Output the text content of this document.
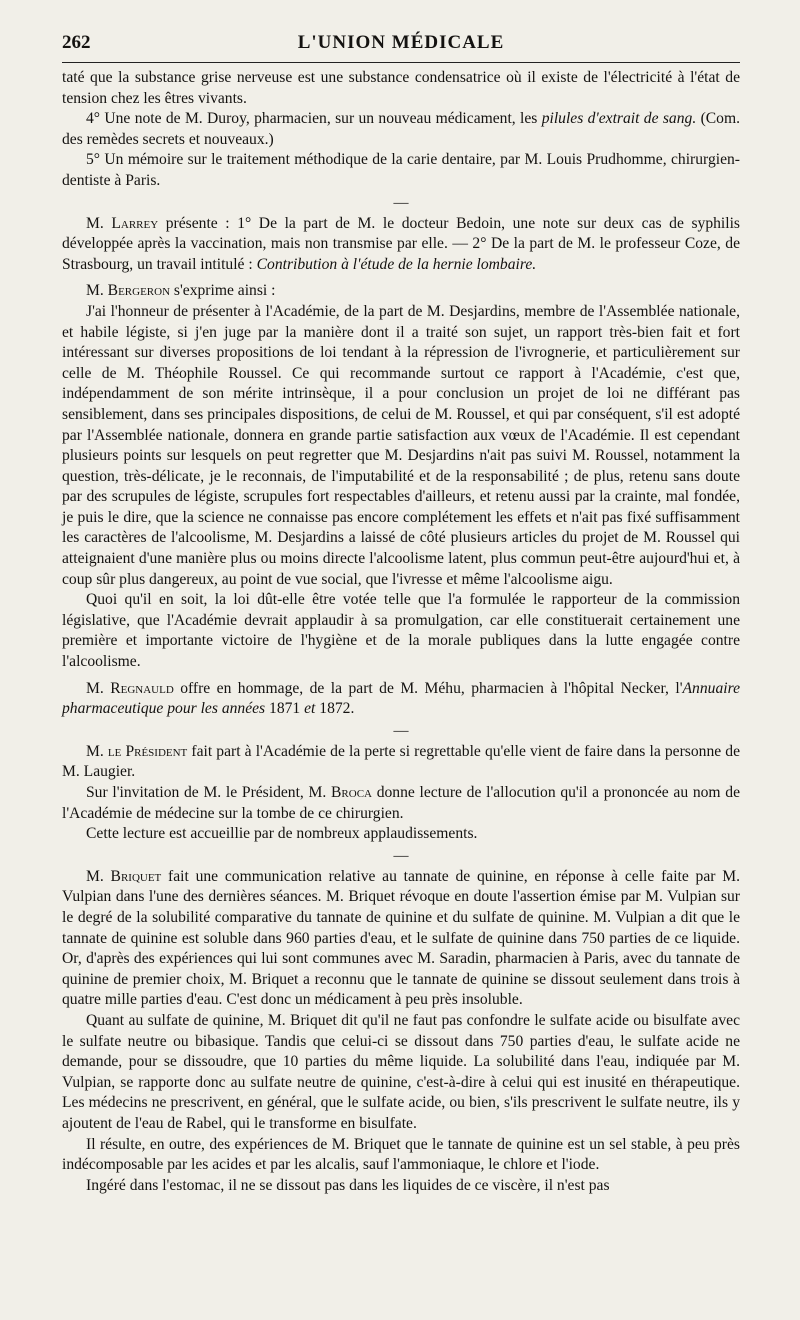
262	L'UNION MÉDICALE

taté que la substance grise nerveuse est une substance condensatrice où il existe de l'électricité à l'état de tension chez les êtres vivants.

4° Une note de M. Duroy, pharmacien, sur un nouveau médicament, les pilules d'extrait de sang. (Com. des remèdes secrets et nouveaux.)

5° Un mémoire sur le traitement méthodique de la carie dentaire, par M. Louis Prudhomme, chirurgien-dentiste à Paris.

—

M. Larrey présente : 1° De la part de M. le docteur Bedoin, une note sur deux cas de syphilis développée après la vaccination, mais non transmise par elle. — 2° De la part de M. le professeur Coze, de Strasbourg, un travail intitulé : Contribution à l'étude de la hernie lombaire.

M. Bergeron s'exprime ainsi :

J'ai l'honneur de présenter à l'Académie, de la part de M. Desjardins, membre de l'Assemblée nationale, et habile légiste, si j'en juge par la manière dont il a traité son sujet, un rapport très-bien fait et fort intéressant sur diverses propositions de loi tendant à la répression de l'ivrognerie, et particulièrement sur celle de M. Théophile Roussel. Ce qui recommande surtout ce rapport à l'Académie, c'est que, indépendamment de son mérite intrinsèque, il a pour conclusion un projet de loi ne différant pas sensiblement, dans ses principales dispositions, de celui de M. Roussel, et qui par conséquent, s'il est adopté par l'Assemblée nationale, donnera en grande partie satisfaction aux vœux de l'Académie. Il est cependant plusieurs points sur lesquels on peut regretter que M. Desjardins n'ait pas suivi M. Roussel, notamment la question, très-délicate, je le reconnais, de l'imputabilité et de la responsabilité ; de plus, retenu sans doute par des scrupules de légiste, scrupules fort respectables d'ailleurs, et retenu aussi par la crainte, mal fondée, je puis le dire, que la science ne connaisse pas encore complétement les effets et n'ait pas fixé suffisamment les caractères de l'alcoolisme, M. Desjardins a laissé de côté plusieurs articles du projet de M. Roussel qui atteignaient d'une manière plus ou moins directe l'alcoolisme latent, plus commun peut-être aujourd'hui et, à coup sûr plus dangereux, au point de vue social, que l'ivresse et même l'alcoolisme aigu.

Quoi qu'il en soit, la loi dût-elle être votée telle que l'a formulée le rapporteur de la commission législative, que l'Académie devrait applaudir à sa promulgation, car elle constituerait certainement une première et importante victoire de l'hygiène et de la morale publiques dans la lutte engagée contre l'alcoolisme.

M. Regnauld offre en hommage, de la part de M. Méhu, pharmacien à l'hôpital Necker, l'Annuaire pharmaceutique pour les années 1871 et 1872.

—

M. le Président fait part à l'Académie de la perte si regrettable qu'elle vient de faire dans la personne de M. Laugier.

Sur l'invitation de M. le Président, M. Broca donne lecture de l'allocution qu'il a prononcée au nom de l'Académie de médecine sur la tombe de ce chirurgien.

Cette lecture est accueillie par de nombreux applaudissements.

—

M. Briquet fait une communication relative au tannate de quinine, en réponse à celle faite par M. Vulpian dans l'une des dernières séances. M. Briquet révoque en doute l'assertion émise par M. Vulpian sur le degré de la solubilité comparative du tannate de quinine et du sulfate de quinine. M. Vulpian a dit que le tannate de quinine est soluble dans 960 parties d'eau, et le sulfate de quinine dans 750 parties de ce liquide. Or, d'après des expériences qui lui sont communes avec M. Saradin, pharmacien à Paris, avec du tannate de quinine de premier choix, M. Briquet a reconnu que le tannate de quinine se dissout seulement dans trois à quatre mille parties d'eau. C'est donc un médicament à peu près insoluble.

Quant au sulfate de quinine, M. Briquet dit qu'il ne faut pas confondre le sulfate acide ou bisulfate avec le sulfate neutre ou bibasique. Tandis que celui-ci se dissout dans 750 parties d'eau, le sulfate acide ne demande, pour se dissoudre, que 10 parties du même liquide. La solubilité dans l'eau, indiquée par M. Vulpian, se rapporte donc au sulfate neutre de quinine, c'est-à-dire à celui qui est inusité en thérapeutique. Les médecins ne prescrivent, en général, que le sulfate acide, ou bien, s'ils prescrivent le sulfate neutre, ils y ajoutent de l'eau de Rabel, qui le transforme en bisulfate.

Il résulte, en outre, des expériences de M. Briquet que le tannate de quinine est un sel stable, à peu près indécomposable par les acides et par les alcalis, sauf l'ammoniaque, le chlore et l'iode.

Ingéré dans l'estomac, il ne se dissout pas dans les liquides de ce viscère, il n'est pas
